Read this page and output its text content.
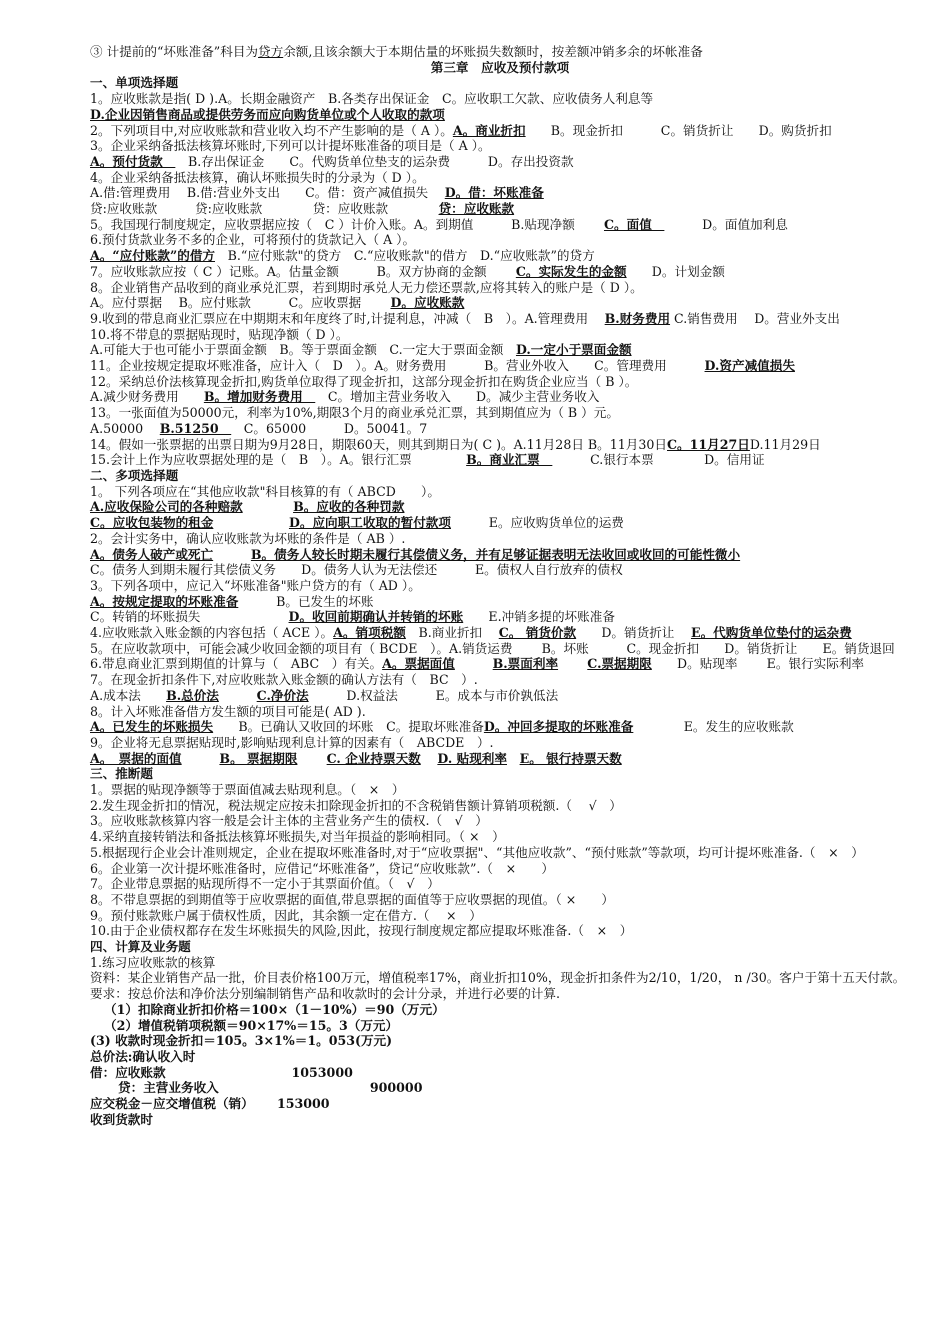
③ 计提前的“坏账准备”科目为贷方余额,且该余额大于本期估量的坏账损失数额时，按差额冲销多余的坏帐准备
第三章　应收及预付款项
一、单项选择题
1。应收账款是指( D ).A。长期金融资产　B.各类存出保证金　C。应收职工欠款、应收债务人利息等
D.企业因销售商品或提供劳务而应向购货单位或个人收取的款项
2。下列项目中,对应收账款和营业收入均不产生影响的是（ A ）。A。商业折扣　　B。现金折扣　　　C。销货折让　　D。购货折扣
3。企业采纳备抵法核算坏账时,下列可以计提坏账准备的项目是（ A ）。
A。预付货款　　B.存出保证金　　C。代购货单位垫支的运杂费　　　D。存出投资款
4。企业采纳备抵法核算，确认坏账损失时的分录为（ D ）。
A.借:管理费用　 B.借:营业外支出　　C。借：资产减值损失　 D。借：坏账准备
贷:应收账款　　　贷:应收账款　　　　贷：应收账款　　　　贷：应收账款
5。我国现行制度规定，应收票据应按（　C ）计价入账。A。到期值　　　B.贴现净额　　 C。面值　　　　D。面值加利息
6.预付货款业务不多的企业，可将预付的货款记入（ A ）。
A。“应付账款”的借方　B.“应付账款"的贷方　C.“应收账款"的借方　D.“应收账款”的贷方
7。应收账款应按（ C ）记账。A。估量金额　　　B。双方协商的金额　　 C。实际发生的金额　　D。计划金额
8。企业销售产品收到的商业承兑汇票，若到期时承兑人无力偿还票款,应将其转入的账户是（ D ）。
A。应付票据　 B。应付账款　　　C。应收票据　　 D。应收账款
9.收到的带息商业汇票应在中期期末和年度终了时,计提利息，冲减（　B　）。A.管理费用　 B.财务费用 C.销售费用　 D。营业外支出
10.将不带息的票据贴现时，贴现净额（ D ）。
A.可能大于也可能小于票面金额　B。等于票面金额　C.一定大于票面金额　D.一定小于票面金额
11。企业按规定提取坏账准备，应计入（　D　）。A。财务费用　　　B。营业外收入　　C。管理费用　　　D.资产减值损失
12。采纳总价法核算现金折扣,购货单位取得了现金折扣，这部分现金折扣在购货企业应当（ B ）。
A.减少财务费用　　B。增加财务费用　　C。增加主营业务收入　　D。减少主营业务收入
13。一张面值为50000元，利率为10%,期限3个月的商业承兑汇票，其到期值应为（ B ）元。
A.50000　 B.51250　　C。65000　　　D。50041。7
14。假如一张票据的出票日期为9月28日，期限60天，则其到期日为( C )。A.11月28日 B。11月30日C。11月27日D.11月29日
15.会计上作为应收票据处理的是（　B　）。A。银行汇票　　　　 B。商业汇票　　　　C.银行本票　　　　D。信用证
二、多项选择题
1。 下列各项应在“其他应收款"科目核算的有（ ABCD　　）。
A.应收保险公司的各种赔款　　　　	B。应收的各种罚款
C。应收包装物的租金　　　　　　	D。应向职工收取的暂付款项　　　E。应收购货单位的运费
2。会计实务中，确认应收账款为坏账的条件是（ AB ）.
A。债务人破产或死亡　　　	B。债务人较长时期未履行其偿债义务，并有足够证据表明无法收回或收回的可能性微小
C。债务人到期未履行其偿债义务　　D。债务人认为无法偿还　　　E。债权人自行放弃的债权
3。下列各项中，应记入“坏账准备"账户贷方的有（ AD ）。
A。按规定提取的坏账准备　　　B。已发生的坏账
C。转销的坏账损失　　　　　　　D。收回前期确认并转销的坏账　　E.冲销多提的坏账准备
4.应收账款入账金额的内容包括（ ACE ）。A。销项税额　B.商业折扣　 C。 销货价款　　D。销货折让　 E。代购货单位垫付的运杂费
5。在应收款项中，可能会减少收回金额的项目有（ BCDE　）。A.销货运费　　 B。坏账　　　C。现金折扣　　D。销货折让　　E。销货退回
6.带息商业汇票到期值的计算与（　ABC　）有关。A。票据面值　　　	B.票面利率　　 C.票据期限　　D。贴现率　　 E。银行实际利率
7。在现金折扣条件下,对应收账款入账金额的确认方法有（　BC　）.
A.成本法　　B.总价法　　　	C.净价法　　　D.权益法　　　E。成本与市价孰低法
8。计入坏账准备借方发生额的项目可能是( AD ).
A。已发生的坏账损失　　B。已确认又收回的坏账　C。提取坏账准备D。冲回多提取的坏账准备　　　　E。发生的应收账款
9。企业将无息票据贴现时,影响贴现利息计算的因素有（　ABCDE　）.
A。　票据的面值　　　	B。 票据期限　　 C. 企业持票天数　 D. 贴现利率　 E。 银行持票天数
三、推断题
1。票据的贴现净额等于票面值减去贴现利息。（　×　）
2.发生现金折扣的情况，税法规定应按未扣除现金折扣的不含税销售额计算销项税额.（　 √　）
3。应收账款核算内容一般是会计主体的主营业务产生的债权.（　√　）
4.采纳直接转销法和备抵法核算坏账损失,对当年损益的影响相同。（ ×　）
5.根据现行企业会计准则规定，企业在提取坏账准备时,对于“应收票据"、“其他应收款”、“预付账款”等款项，均可计提坏账准备.（　×　）
6。企业第一次计提坏账准备时，应借记“坏账准备”，贷记“应收账款”.（　×　　）
7。企业带息票据的贴现所得不一定小于其票面价值。（　√　）
8。不带息票据的到期值等于应收票据的面值,带息票据的面值等于应收票据的现值。（ ×　　）
9。预付账款账户属于债权性质，因此，其余额一定在借方.（　 ×　）
10.由于企业债权都存在发生坏账损失的风险,因此，按现行制度规定都应提取坏账准备.（　×　）
四、计算及业务题
1.练习应收账款的核算
资料：某企业销售产品一批，价目表价格100万元，增值税率17%，商业折扣10%，现金折扣条件为2/10，1/20， n /30。客户于第十五天付款。
要求：按总价法和净价法分别编制销售产品和收款时的会计分录，并进行必要的计算.
（1）扣除商业折扣价格＝100×（1－10%）＝90（万元）
（2）增值税销项税额＝90×17%＝15。3（万元）
(3) 收款时现金折扣＝105。3×1%＝1。053(万元)
总价法:确认收入时
借：应收账款　　　　　　　　　　1053000
贷：主营业务收入　　　　　　　　　　　　900000
应交税金－应交增值税（销）　　 153000
收到货款时
